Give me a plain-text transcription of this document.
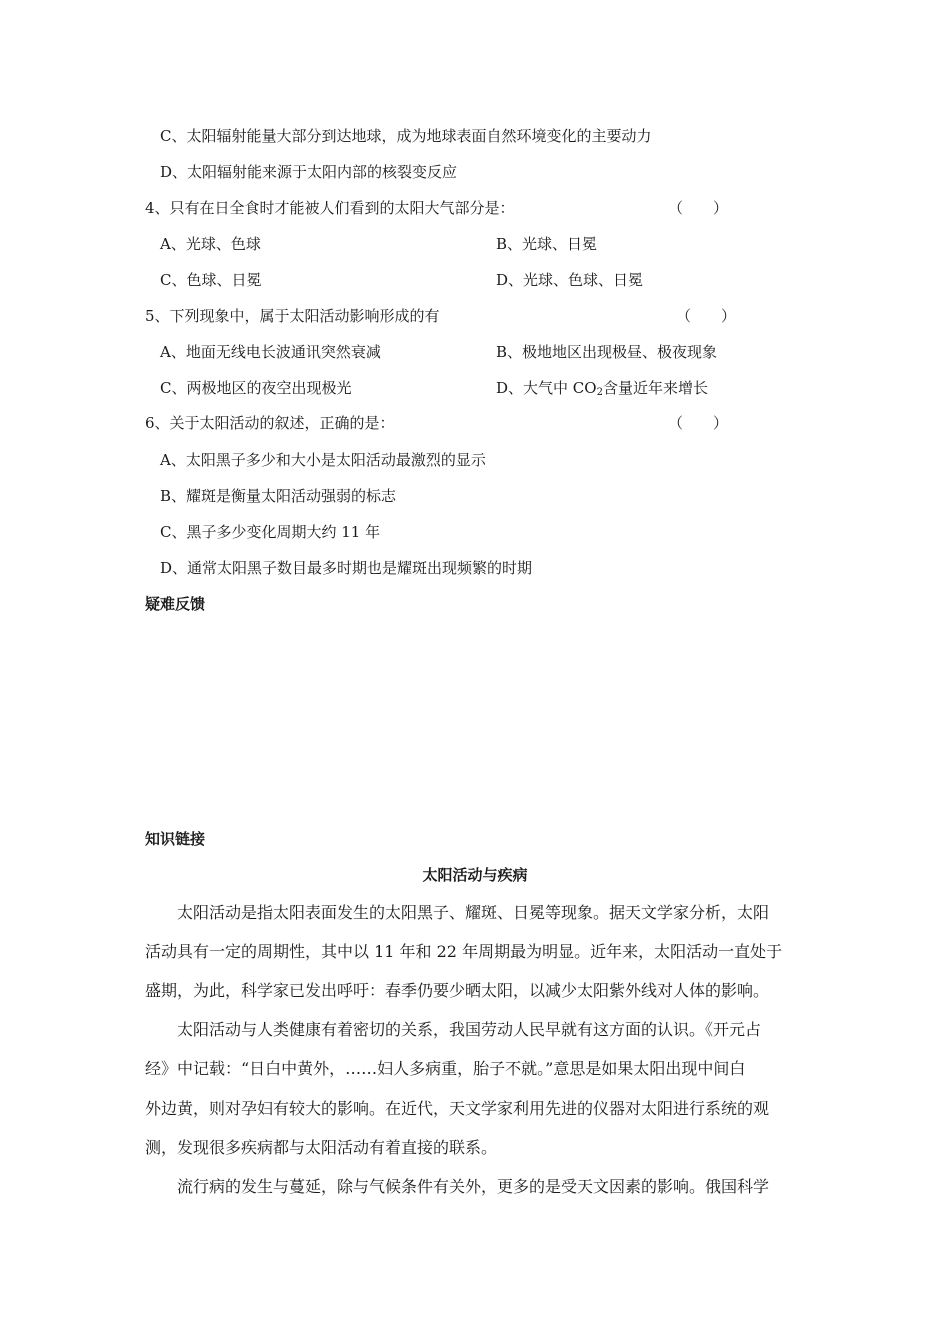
C、太阳辐射能量大部分到达地球，成为地球表面自然环境变化的主要动力
D、太阳辐射能来源于太阳内部的核裂变反应
4、只有在日全食时才能被人们看到的太阳大气部分是：	（　　）
A、光球、色球	B、光球、日冕
C、色球、日冕	D、光球、色球、日冕
5、下列现象中，属于太阳活动影响形成的有	（　　）
A、地面无线电长波通讯突然衰减	B、极地地区出现极昼、极夜现象
C、两极地区的夜空出现极光	D、大气中 $CO_2$含量近年来增长
6、关于太阳活动的叙述，正确的是：	（　　）
A、太阳黑子多少和大小是太阳活动最激烈的显示
B、耀斑是衡量太阳活动强弱的标志
C、黑子多少变化周期大约 11 年
D、通常太阳黑子数目最多时期也是耀斑出现频繁的时期
疑难反馈
知识链接
太阳活动与疾病
太阳活动是指太阳表面发生的太阳黑子、耀斑、日冕等现象。据天文学家分析，太阳
活动具有一定的周期性，其中以 11 年和 22 年周期最为明显。近年来，太阳活动一直处于
盛期，为此，科学家已发出呼吁：春季仍要少晒太阳，以减少太阳紫外线对人体的影响。
太阳活动与人类健康有着密切的关系，我国劳动人民早就有这方面的认识。《开元占
经》中记载：“日白中黄外，……妇人多病重，胎子不就。”意思是如果太阳出现中间白
外边黄，则对孕妇有较大的影响。在近代，天文学家利用先进的仪器对太阳进行系统的观
测，发现很多疾病都与太阳活动有着直接的联系。
流行病的发生与蔓延，除与气候条件有关外，更多的是受天文因素的影响。俄国科学
